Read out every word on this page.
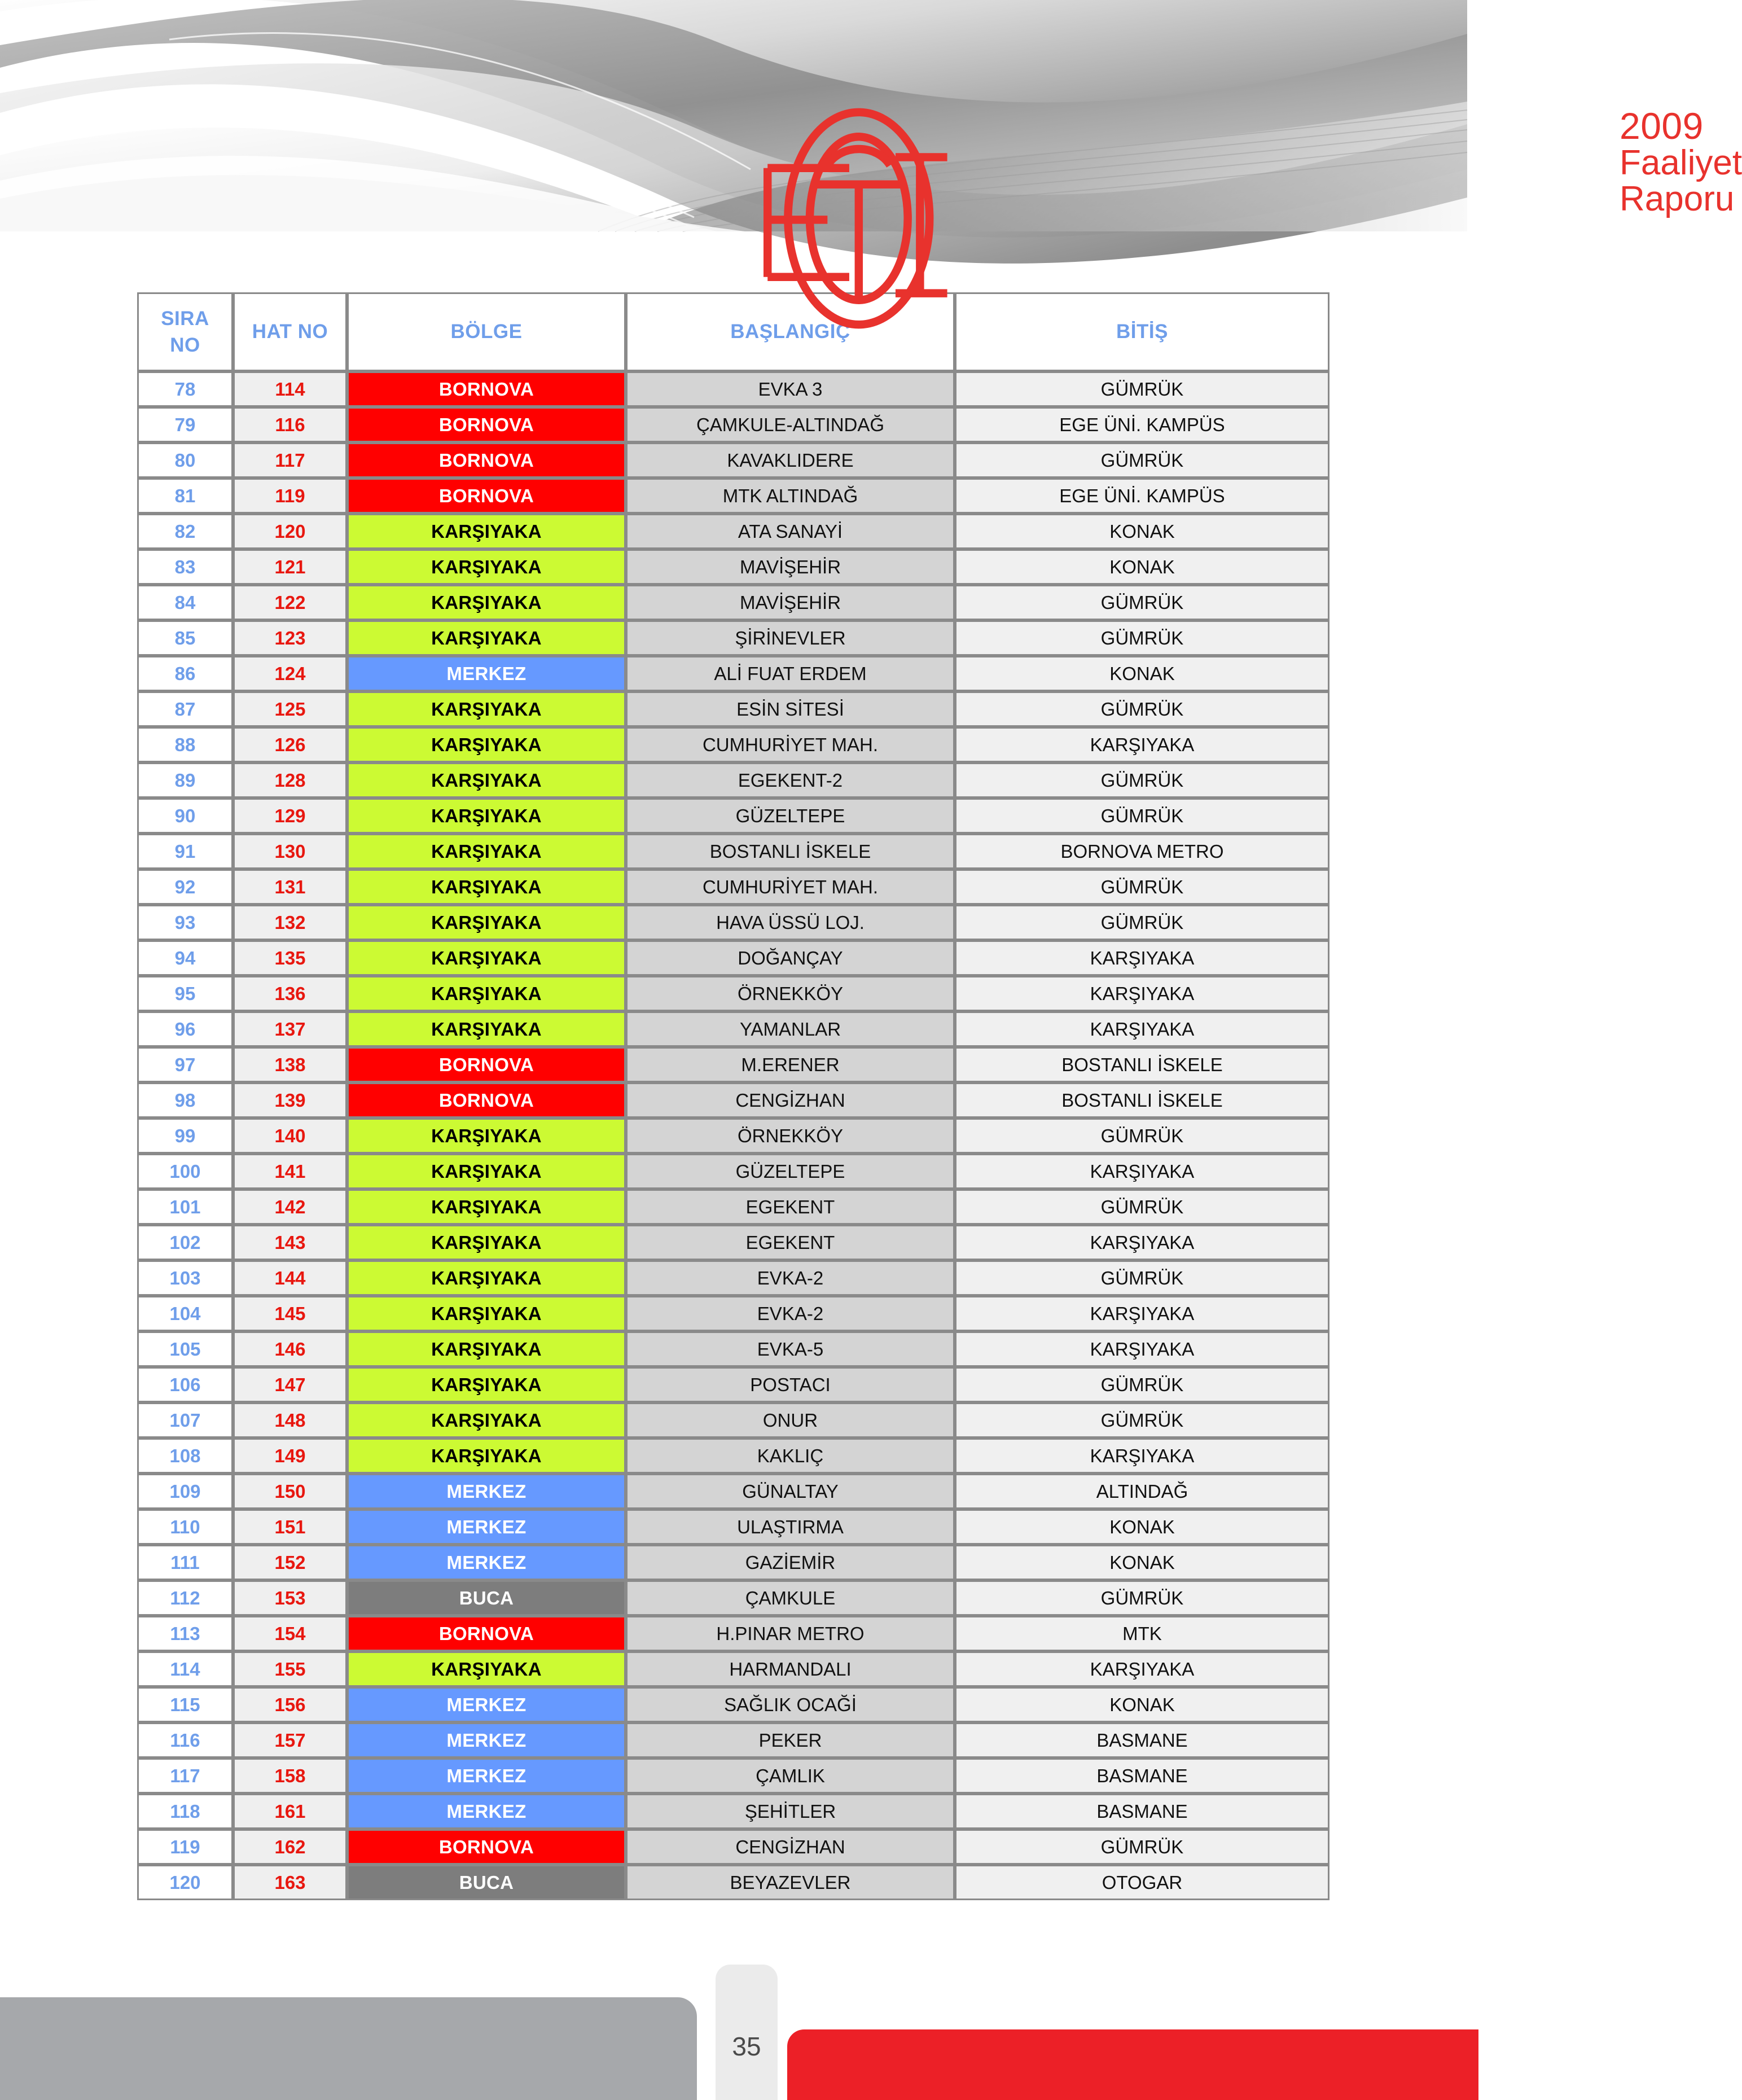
2009
Faaliyet Raporu
SIRA
NO	HAT NO	BÖLGE	BAŞLANGIÇ	BİTİŞ
78	114	BORNOVA	EVKA 3	GÜMRÜK
79	116	BORNOVA	ÇAMKULE-ALTINDAĞ	EGE ÜNİ. KAMPÜS
80	117	BORNOVA	KAVAKLIDERE	GÜMRÜK
81	119	BORNOVA	MTK ALTINDAĞ	EGE ÜNİ. KAMPÜS
82	120	KARŞIYAKA	ATA SANAYİ	KONAK
83	121	KARŞIYAKA	MAVİŞEHİR	KONAK
84	122	KARŞIYAKA	MAVİŞEHİR	GÜMRÜK
85	123	KARŞIYAKA	ŞİRİNEVLER	GÜMRÜK
86	124	MERKEZ	ALİ FUAT ERDEM	KONAK
87	125	KARŞIYAKA	ESİN SİTESİ	GÜMRÜK
88	126	KARŞIYAKA	CUMHURİYET MAH.	KARŞIYAKA
89	128	KARŞIYAKA	EGEKENT-2	GÜMRÜK
90	129	KARŞIYAKA	GÜZELTEPE	GÜMRÜK
91	130	KARŞIYAKA	BOSTANLI İSKELE	BORNOVA METRO
92	131	KARŞIYAKA	CUMHURİYET MAH.	GÜMRÜK
93	132	KARŞIYAKA	HAVA ÜSSÜ LOJ.	GÜMRÜK
94	135	KARŞIYAKA	DOĞANÇAY	KARŞIYAKA
95	136	KARŞIYAKA	ÖRNEKKÖY	KARŞIYAKA
96	137	KARŞIYAKA	YAMANLAR	KARŞIYAKA
97	138	BORNOVA	M.ERENER	BOSTANLI İSKELE
98	139	BORNOVA	CENGİZHAN	BOSTANLI İSKELE
99	140	KARŞIYAKA	ÖRNEKKÖY	GÜMRÜK
100	141	KARŞIYAKA	GÜZELTEPE	KARŞIYAKA
101	142	KARŞIYAKA	EGEKENT	GÜMRÜK
102	143	KARŞIYAKA	EGEKENT	KARŞIYAKA
103	144	KARŞIYAKA	EVKA-2	GÜMRÜK
104	145	KARŞIYAKA	EVKA-2	KARŞIYAKA
105	146	KARŞIYAKA	EVKA-5	KARŞIYAKA
106	147	KARŞIYAKA	POSTACI	GÜMRÜK
107	148	KARŞIYAKA	ONUR	GÜMRÜK
108	149	KARŞIYAKA	KAKLIÇ	KARŞIYAKA
109	150	MERKEZ	GÜNALTAY	ALTINDAĞ
110	151	MERKEZ	ULAŞTIRMA	KONAK
111	152	MERKEZ	GAZİEMİR	KONAK
112	153	BUCA	ÇAMKULE	GÜMRÜK
113	154	BORNOVA	H.PINAR METRO	MTK
114	155	KARŞIYAKA	HARMANDALI	KARŞIYAKA
115	156	MERKEZ	SAĞLIK OCAĞİ	KONAK
116	157	MERKEZ	PEKER	BASMANE
117	158	MERKEZ	ÇAMLIK	BASMANE
118	161	MERKEZ	ŞEHİTLER	BASMANE
119	162	BORNOVA	CENGİZHAN	GÜMRÜK
120	163	BUCA	BEYAZEVLER	OTOGAR
35
